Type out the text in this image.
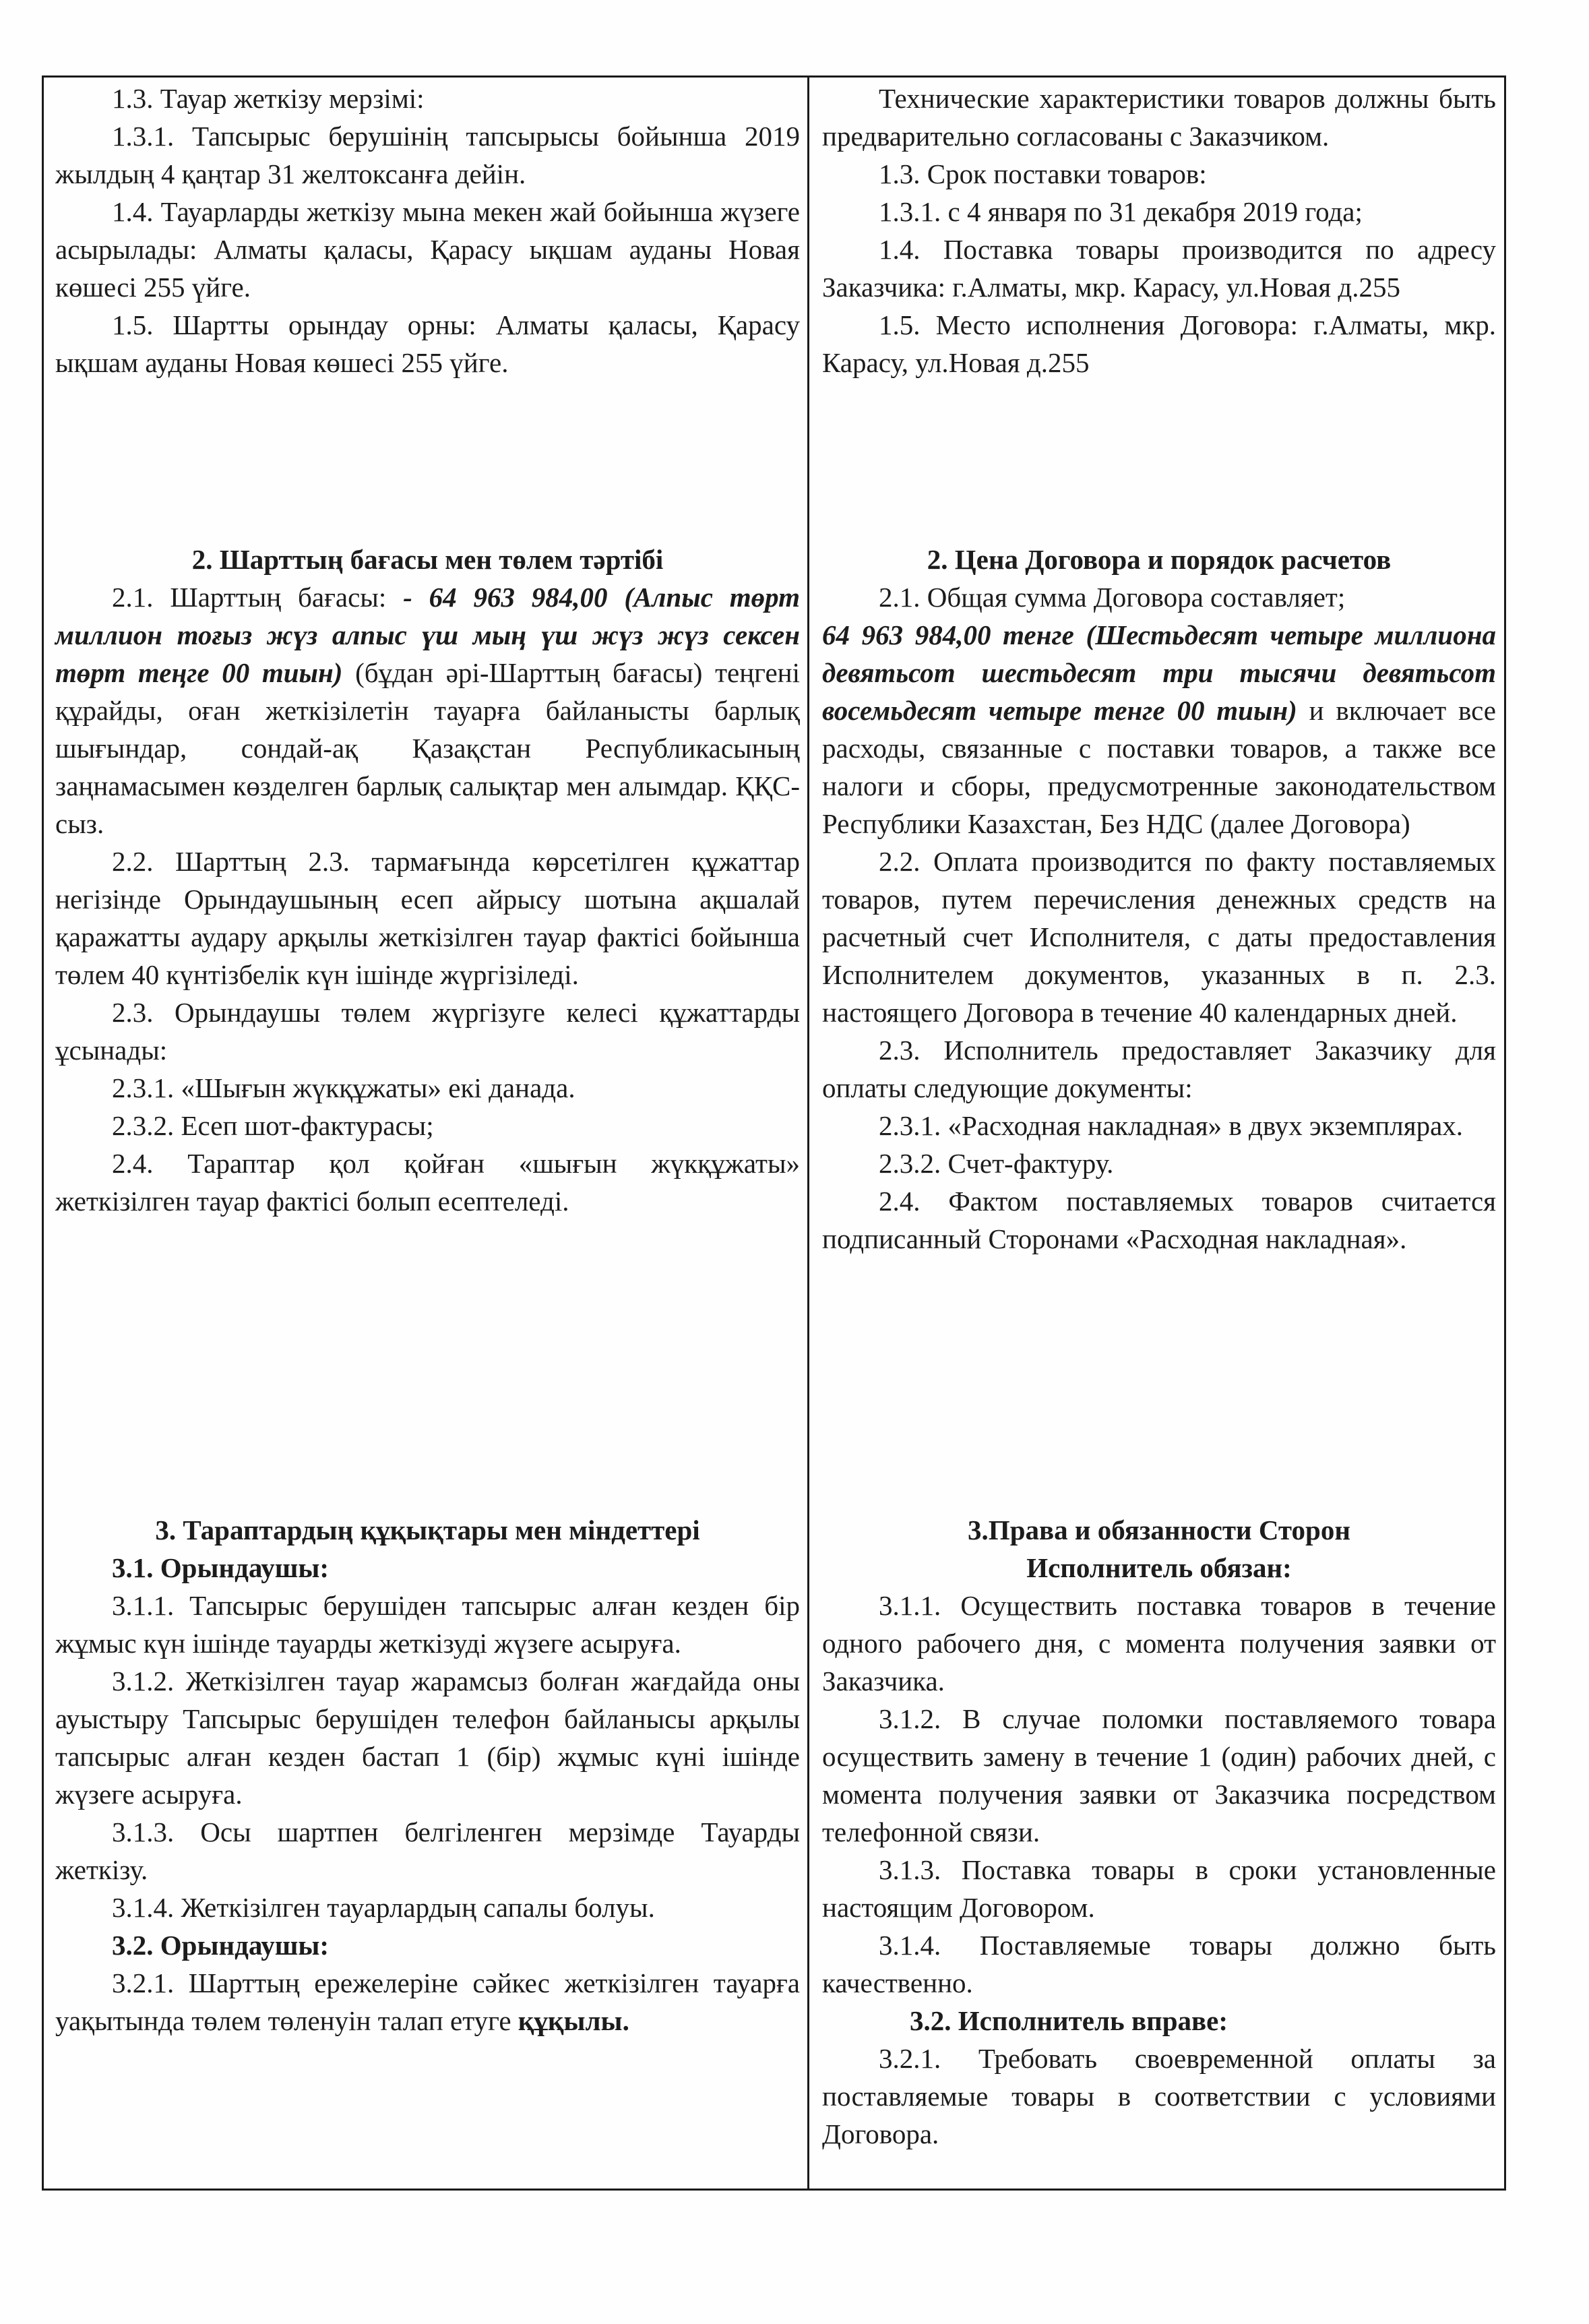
1.3. Тауар жеткізу мерзімі:

1.3.1. Тапсырыс берушінің тапсырысы бойынша 2019 жылдың 4 қаңтар 31 желтоксанға дейін.

1.4. Тауарларды жеткізу мына мекен жай бойынша жүзеге асырылады: Алматы қаласы, Қарасу ықшам ауданы Новая көшесі 255 үйге.

1.5. Шартты орындау орны: Алматы қаласы, Қарасу ықшам ауданы Новая көшесі 255 үйге.

2. Шарттың бағасы мен төлем тәртібі

2.1. Шарттың бағасы: - 64 963 984,00 (Алпыс төрт миллион тоғыз жүз алпыс үш мың үш жүз жүз сексен төрт теңге 00 тиын) (бұдан әрі-Шарттың бағасы) теңгені құрайды, оған жеткізілетін тауарға байланысты барлық шығындар, сондай-ақ Қазақстан Республикасының заңнамасымен көзделген барлық салықтар мен алымдар. ҚҚС-сыз.

2.2. Шарттың 2.3. тармағында көрсетілген құжаттар негізінде Орындаушының есеп айрысу шотына ақшалай қаражатты аудару арқылы жеткізілген тауар фактісі бойынша төлем 40 күнтізбелік күн ішінде жүргізіледі.

2.3. Орындаушы төлем жүргізуге келесі құжаттарды ұсынады:

2.3.1. «Шығын жүкқұжаты» екі данада.

2.3.2. Есеп шот-фактурасы;

2.4. Тараптар қол қойған «шығын жүкқұжаты» жеткізілген тауар фактісі болып есептеледі.

3. Тараптардың құқықтары мен міндеттері

3.1. Орындаушы:

3.1.1. Тапсырыс берушіден тапсырыс алған кезден бір жұмыс күн ішінде тауарды жеткізуді жүзеге асыруға.

3.1.2. Жеткізілген тауар жарамсыз болған жағдайда оны ауыстыру Тапсырыс берушіден телефон байланысы арқылы тапсырыс алған кезден бастап 1 (бір) жұмыс күні ішінде жүзеге асыруға.

3.1.3. Осы шартпен белгіленген мерзімде Тауарды жеткізу.

3.1.4. Жеткізілген тауарлардың сапалы болуы.

3.2. Орындаушы:

3.2.1. Шарттың ережелеріне сәйкес жеткізілген тауарға уақытында төлем төленуін талап етуге құқылы.

Технические характеристики товаров должны быть предварительно согласованы с Заказчиком.

1.3. Срок поставки товаров:

1.3.1. с 4 января по 31 декабря 2019 года;

1.4. Поставка товары производится по адресу Заказчика: г.Алматы, мкр. Карасу, ул.Новая д.255

1.5. Место исполнения Договора: г.Алматы, мкр. Карасу, ул.Новая д.255

2. Цена Договора и порядок расчетов

2.1. Общая сумма Договора составляет;

64 963 984,00 тенге (Шестьдесят четыре миллиона девятьсот шестьдесят три тысячи девятьсот восемьдесят четыре тенге 00 тиын) и включает все расходы, связанные с поставки товаров, а также все налоги и сборы, предусмотренные законодательством Республики Казахстан, Без НДС (далее Договора)

2.2. Оплата производится по факту поставляемых товаров, путем перечисления денежных средств на расчетный счет Исполнителя, с даты предоставления Исполнителем документов, указанных в п. 2.3. настоящего Договора в течение 40 календарных дней.

2.3. Исполнитель предоставляет Заказчику для оплаты следующие документы:

2.3.1. «Расходная накладная» в двух экземплярах.

2.3.2. Счет-фактуру.

2.4. Фактом поставляемых товаров считается подписанный Сторонами «Расходная накладная».

3.Права и обязанности Сторон

Исполнитель обязан:

3.1.1. Осуществить поставка товаров в течение одного рабочего дня, с момента получения заявки от Заказчика.

3.1.2. В случае поломки поставляемого товара осуществить замену в течение 1 (один) рабочих дней, с момента получения заявки от Заказчика посредством телефонной связи.

3.1.3. Поставка товары в сроки установленные настоящим Договором.

3.1.4. Поставляемые товары должно быть качественно.

3.2. Исполнитель вправе:

3.2.1. Требовать своевременной оплаты за поставляемые товары в соответствии с условиями Договора.
